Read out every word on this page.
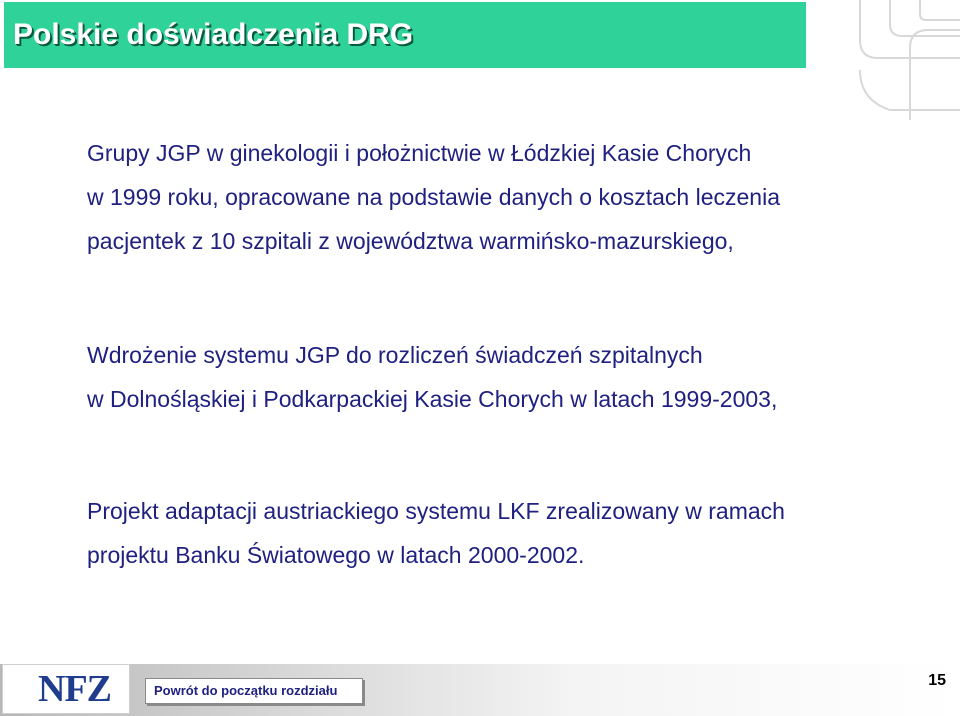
Polskie doświadczenia DRG
Grupy JGP w ginekologii i położnictwie w Łódzkiej Kasie Chorych
w 1999 roku, opracowane na podstawie danych o kosztach leczenia
pacjentek z 10 szpitali z województwa warmińsko-mazurskiego,
Wdrożenie systemu JGP do rozliczeń świadczeń szpitalnych
w Dolnośląskiej i Podkarpackiej Kasie Chorych w latach 1999-2003,
Projekt adaptacji austriackiego systemu LKF zrealizowany w ramach
projektu Banku Światowego w latach 2000-2002.
NFZ	Powrót do początku rozdziału
15
